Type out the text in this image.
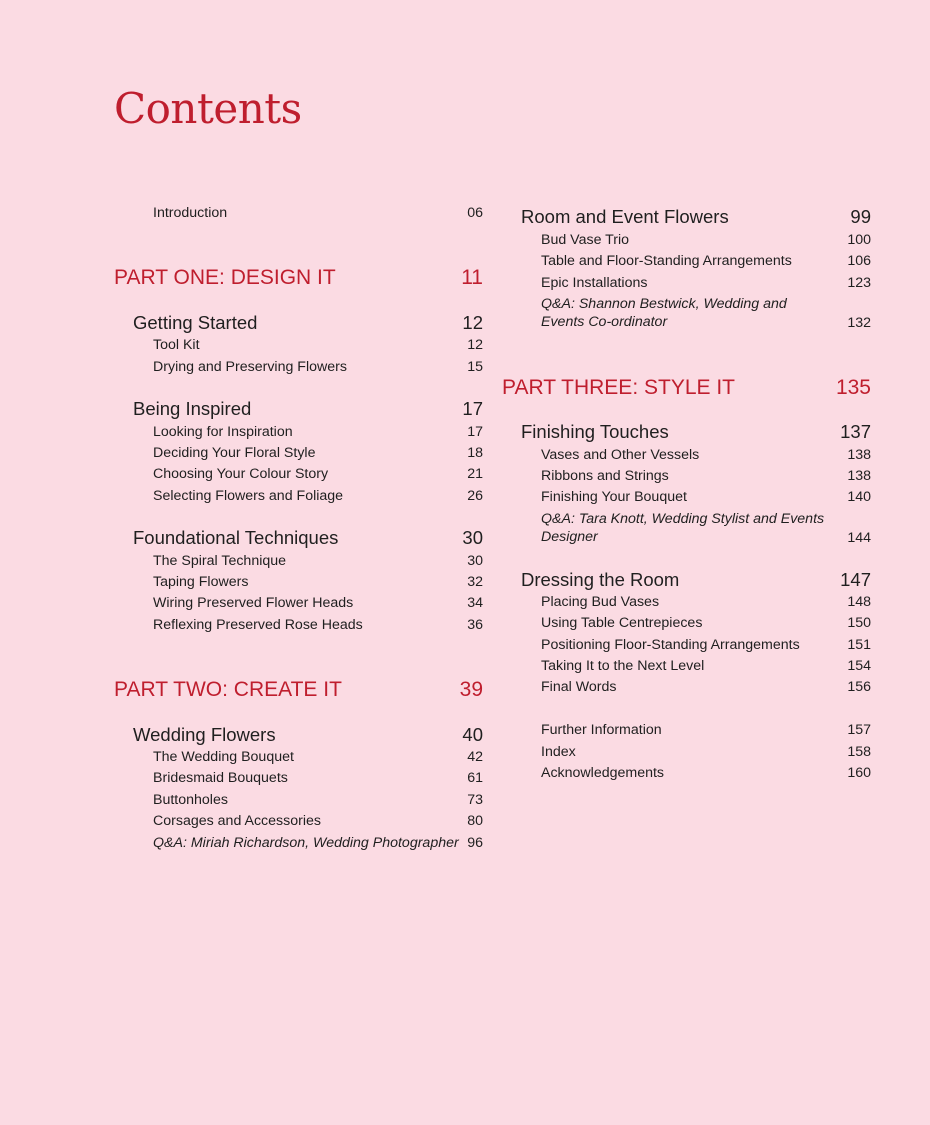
Contents
Introduction	06
PART ONE: DESIGN IT	11
Getting Started	12
Tool Kit	12
Drying and Preserving Flowers	15
Being Inspired	17
Looking for Inspiration	17
Deciding Your Floral Style	18
Choosing Your Colour Story	21
Selecting Flowers and Foliage	26
Foundational Techniques	30
The Spiral Technique	30
Taping Flowers	32
Wiring Preserved Flower Heads	34
Reflexing Preserved Rose Heads	36
PART TWO: CREATE IT	39
Wedding Flowers	40
The Wedding Bouquet	42
Bridesmaid Bouquets	61
Buttonholes	73
Corsages and Accessories	80
Q&A: Miriah Richardson, Wedding Photographer 96
Room and Event Flowers	99
Bud Vase Trio	100
Table and Floor-Standing Arrangements	106
Epic Installations	123
Q&A: Shannon Bestwick, Wedding and Events Co-ordinator	132
PART THREE: STYLE IT	135
Finishing Touches	137
Vases and Other Vessels	138
Ribbons and Strings	138
Finishing Your Bouquet	140
Q&A: Tara Knott, Wedding Stylist and Events Designer	144
Dressing the Room	147
Placing Bud Vases	148
Using Table Centrepieces	150
Positioning Floor-Standing Arrangements	151
Taking It to the Next Level	154
Final Words	156
Further Information	157
Index	158
Acknowledgements	160
